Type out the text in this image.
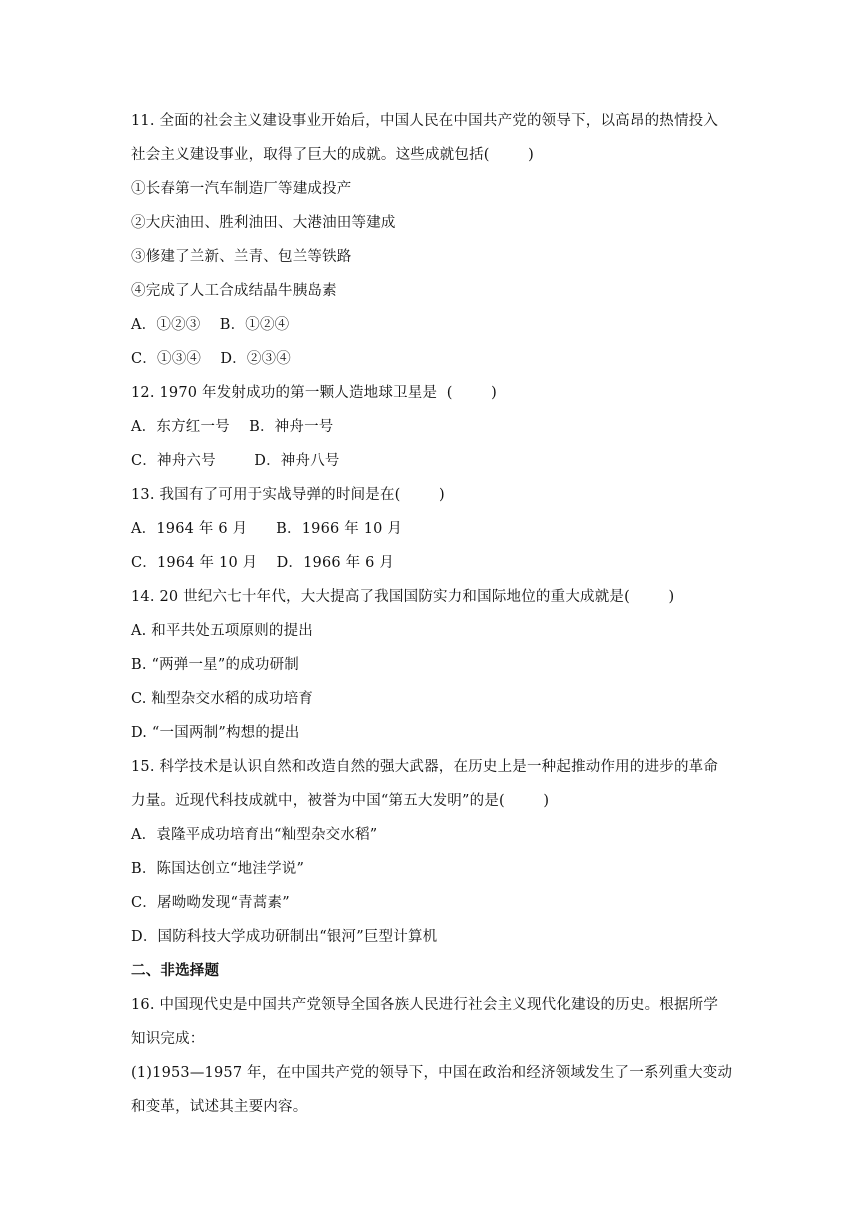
11. 全面的社会主义建设事业开始后，中国人民在中国共产党的领导下，以高昂的热情投入
社会主义建设事业，取得了巨大的成就。这些成就包括(        )
①长春第一汽车制造厂等建成投产
②大庆油田、胜利油田、大港油田等建成
③修建了兰新、兰青、包兰等铁路
④完成了人工合成结晶牛胰岛素
A．①②③    B．①②④
C．①③④    D．②③④
12. 1970 年发射成功的第一颗人造地球卫星是  (        )
A．东方红一号    B．神舟一号
C．神舟六号        D．神舟八号
13. 我国有了可用于实战导弹的时间是在(        )
A．1964 年 6 月      B．1966 年 10 月
C．1964 年 10 月    D．1966 年 6 月
14. 20 世纪六七十年代，大大提高了我国国防实力和国际地位的重大成就是(        )
A. 和平共处五项原则的提出
B. “两弹一星”的成功研制
C. 籼型杂交水稻的成功培育
D. “一国两制”构想的提出
15. 科学技术是认识自然和改造自然的强大武器，在历史上是一种起推动作用的进步的革命
力量。近现代科技成就中，被誉为中国“第五大发明”的是(        )
A．袁隆平成功培育出“籼型杂交水稻”
B．陈国达创立“地洼学说”
C．屠呦呦发现“青蒿素”
D．国防科技大学成功研制出“银河”巨型计算机
二、非选择题
16. 中国现代史是中国共产党领导全国各族人民进行社会主义现代化建设的历史。根据所学
知识完成：
(1)1953—1957 年，在中国共产党的领导下，中国在政治和经济领域发生了一系列重大变动
和变革，试述其主要内容。
